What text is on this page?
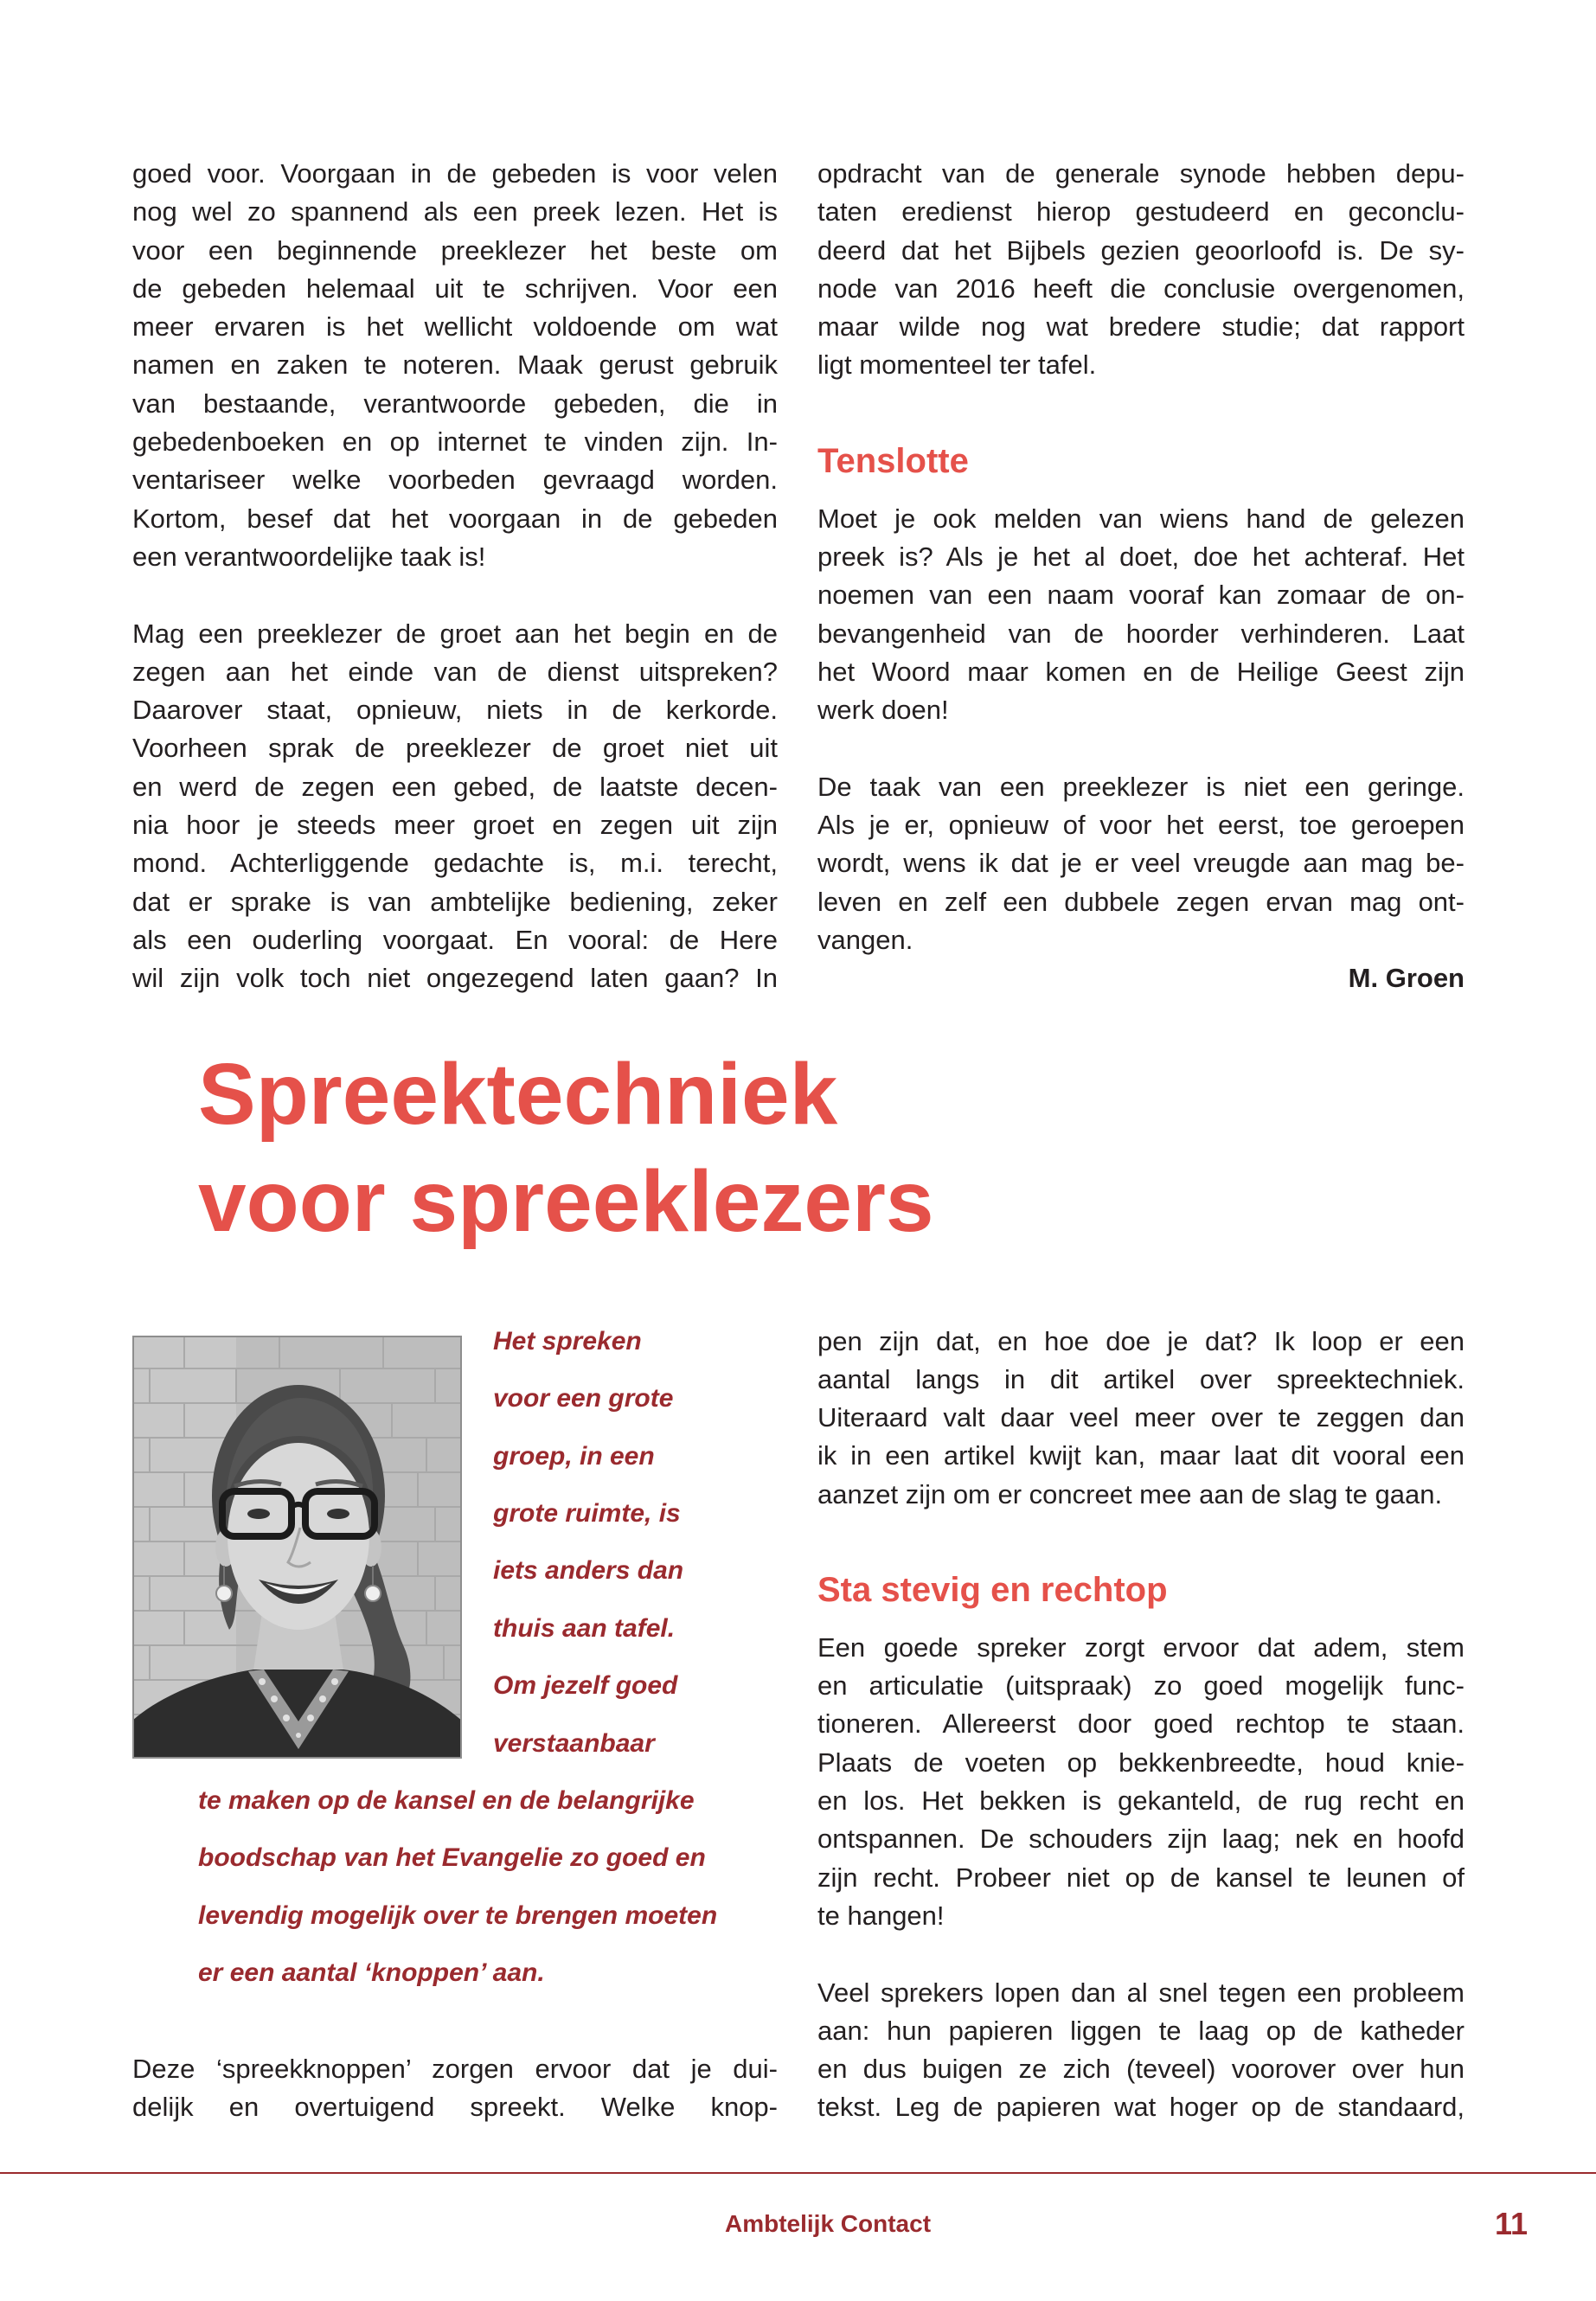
goed voor. Voorgaan in de gebeden is voor velen
nog wel zo spannend als een preek lezen. Het is
voor een beginnende preeklezer het beste om
de gebeden helemaal uit te schrijven. Voor een
meer ervaren is het wellicht voldoende om wat
namen en zaken te noteren. Maak gerust gebruik
van bestaande, verantwoorde gebeden, die in
gebedenboeken en op internet te vinden zijn. In-
ventariseer welke voorbeden gevraagd worden.
Kortom, besef dat het voorgaan in de gebeden
een verantwoordelijke taak is!
Mag een preeklezer de groet aan het begin en de
zegen aan het einde van de dienst uitspreken?
Daarover staat, opnieuw, niets in de kerkorde.
Voorheen sprak de preeklezer de groet niet uit
en werd de zegen een gebed, de laatste decen-
nia hoor je steeds meer groet en zegen uit zijn
mond. Achterliggende gedachte is, m.i. terecht,
dat er sprake is van ambtelijke bediening, zeker
als een ouderling voorgaat. En vooral: de Here
wil zijn volk toch niet ongezegend laten gaan? In
opdracht van de generale synode hebben depu-
taten eredienst hierop gestudeerd en geconclu-
deerd dat het Bijbels gezien geoorloofd is. De sy-
node van 2016 heeft die conclusie overgenomen,
maar wilde nog wat bredere studie; dat rapport
ligt momenteel ter tafel.
Tenslotte
Moet je ook melden van wiens hand de gelezen
preek is? Als je het al doet, doe het achteraf. Het
noemen van een naam vooraf kan zomaar de on-
bevangenheid van de hoorder verhinderen. Laat
het Woord maar komen en de Heilige Geest zijn
werk doen!
De taak van een preeklezer is niet een geringe.
Als je er, opnieuw of voor het eerst, toe geroepen
wordt, wens ik dat je er veel vreugde aan mag be-
leven en zelf een dubbele zegen ervan mag ont-
vangen.
M. Groen
Spreektechniek
voor spreeklezers
Het spreken
voor een grote
groep, in een
grote ruimte, is
iets anders dan
thuis aan tafel.
Om jezelf goed
verstaanbaar
te maken op de kansel en de belangrijke
boodschap van het Evangelie zo goed en
levendig mogelijk over te brengen moeten
er een aantal ‘knoppen’ aan.
Deze ‘spreekknoppen’ zorgen ervoor dat je dui-
delijk en overtuigend spreekt. Welke knop-
pen zijn dat, en hoe doe je dat? Ik loop er een
aantal langs in dit artikel over spreektechniek.
Uiteraard valt daar veel meer over te zeggen dan
ik in een artikel kwijt kan, maar laat dit vooral een
aanzet zijn om er concreet mee aan de slag te gaan.
Sta stevig en rechtop
Een goede spreker zorgt ervoor dat adem, stem
en articulatie (uitspraak) zo goed mogelijk func-
tioneren. Allereerst door goed rechtop te staan.
Plaats de voeten op bekkenbreedte, houd knie-
en los. Het bekken is gekanteld, de rug recht en
ontspannen. De schouders zijn laag; nek en hoofd
zijn recht. Probeer niet op de kansel te leunen of
te hangen!
Veel sprekers lopen dan al snel tegen een probleem
aan: hun papieren liggen te laag op de katheder
en dus buigen ze zich (teveel) voorover over hun
tekst. Leg de papieren wat hoger op de standaard,
Ambtelijk Contact	11
